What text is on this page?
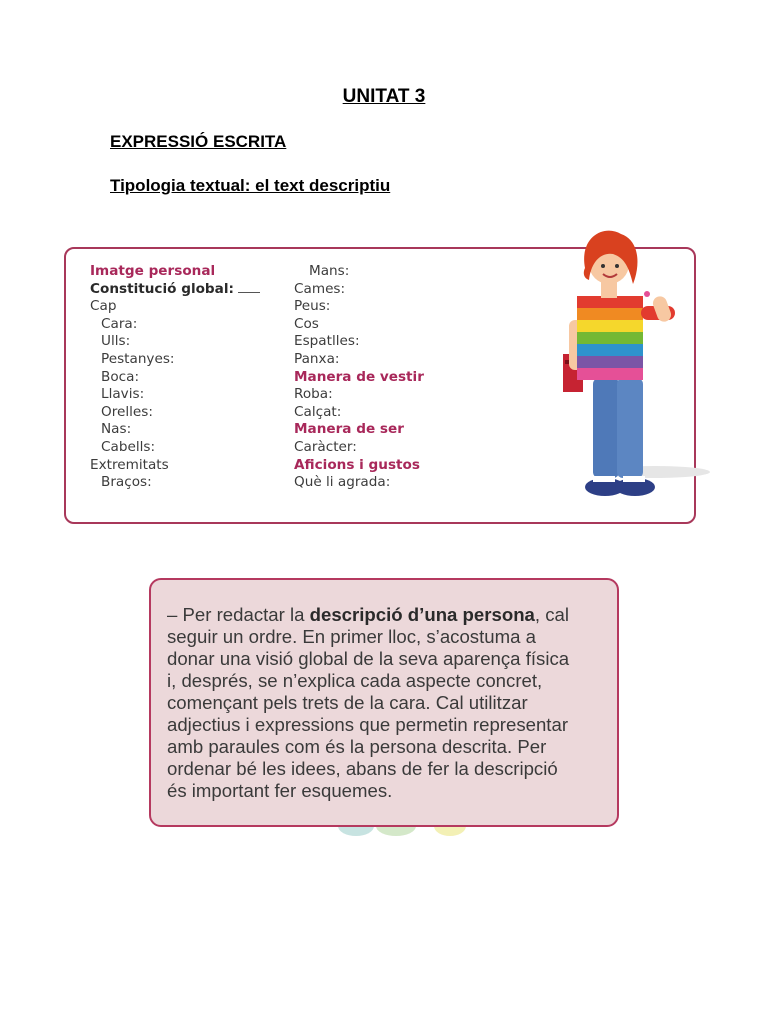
UNITAT 3
EXPRESSIÓ ESCRITA
Tipologia textual: el text descriptiu
Imatge personal
Constitució global:
Cap
Cara:
Ulls:
Pestanyes:
Boca:
Llavis:
Orelles:
Nas:
Cabells:
Extremitats
Braços:
Mans:
Cames:
Peus:
Cos
Espatlles:
Panxa:
Manera de vestir
Roba:
Calçat:
Manera de ser
Caràcter:
Aficions i gustos
Què li agrada:
– Per redactar la descripció d’una persona, cal
seguir un ordre. En primer lloc, s’acostuma a
donar una visió global de la seva aparença física
i, després, se n’explica cada aspecte concret,
començant pels trets de la cara. Cal utilitzar
adjectius i expressions que permetin representar
amb paraules com és la persona descrita. Per
ordenar bé les idees, abans de fer la descripció
és important fer esquemes.
